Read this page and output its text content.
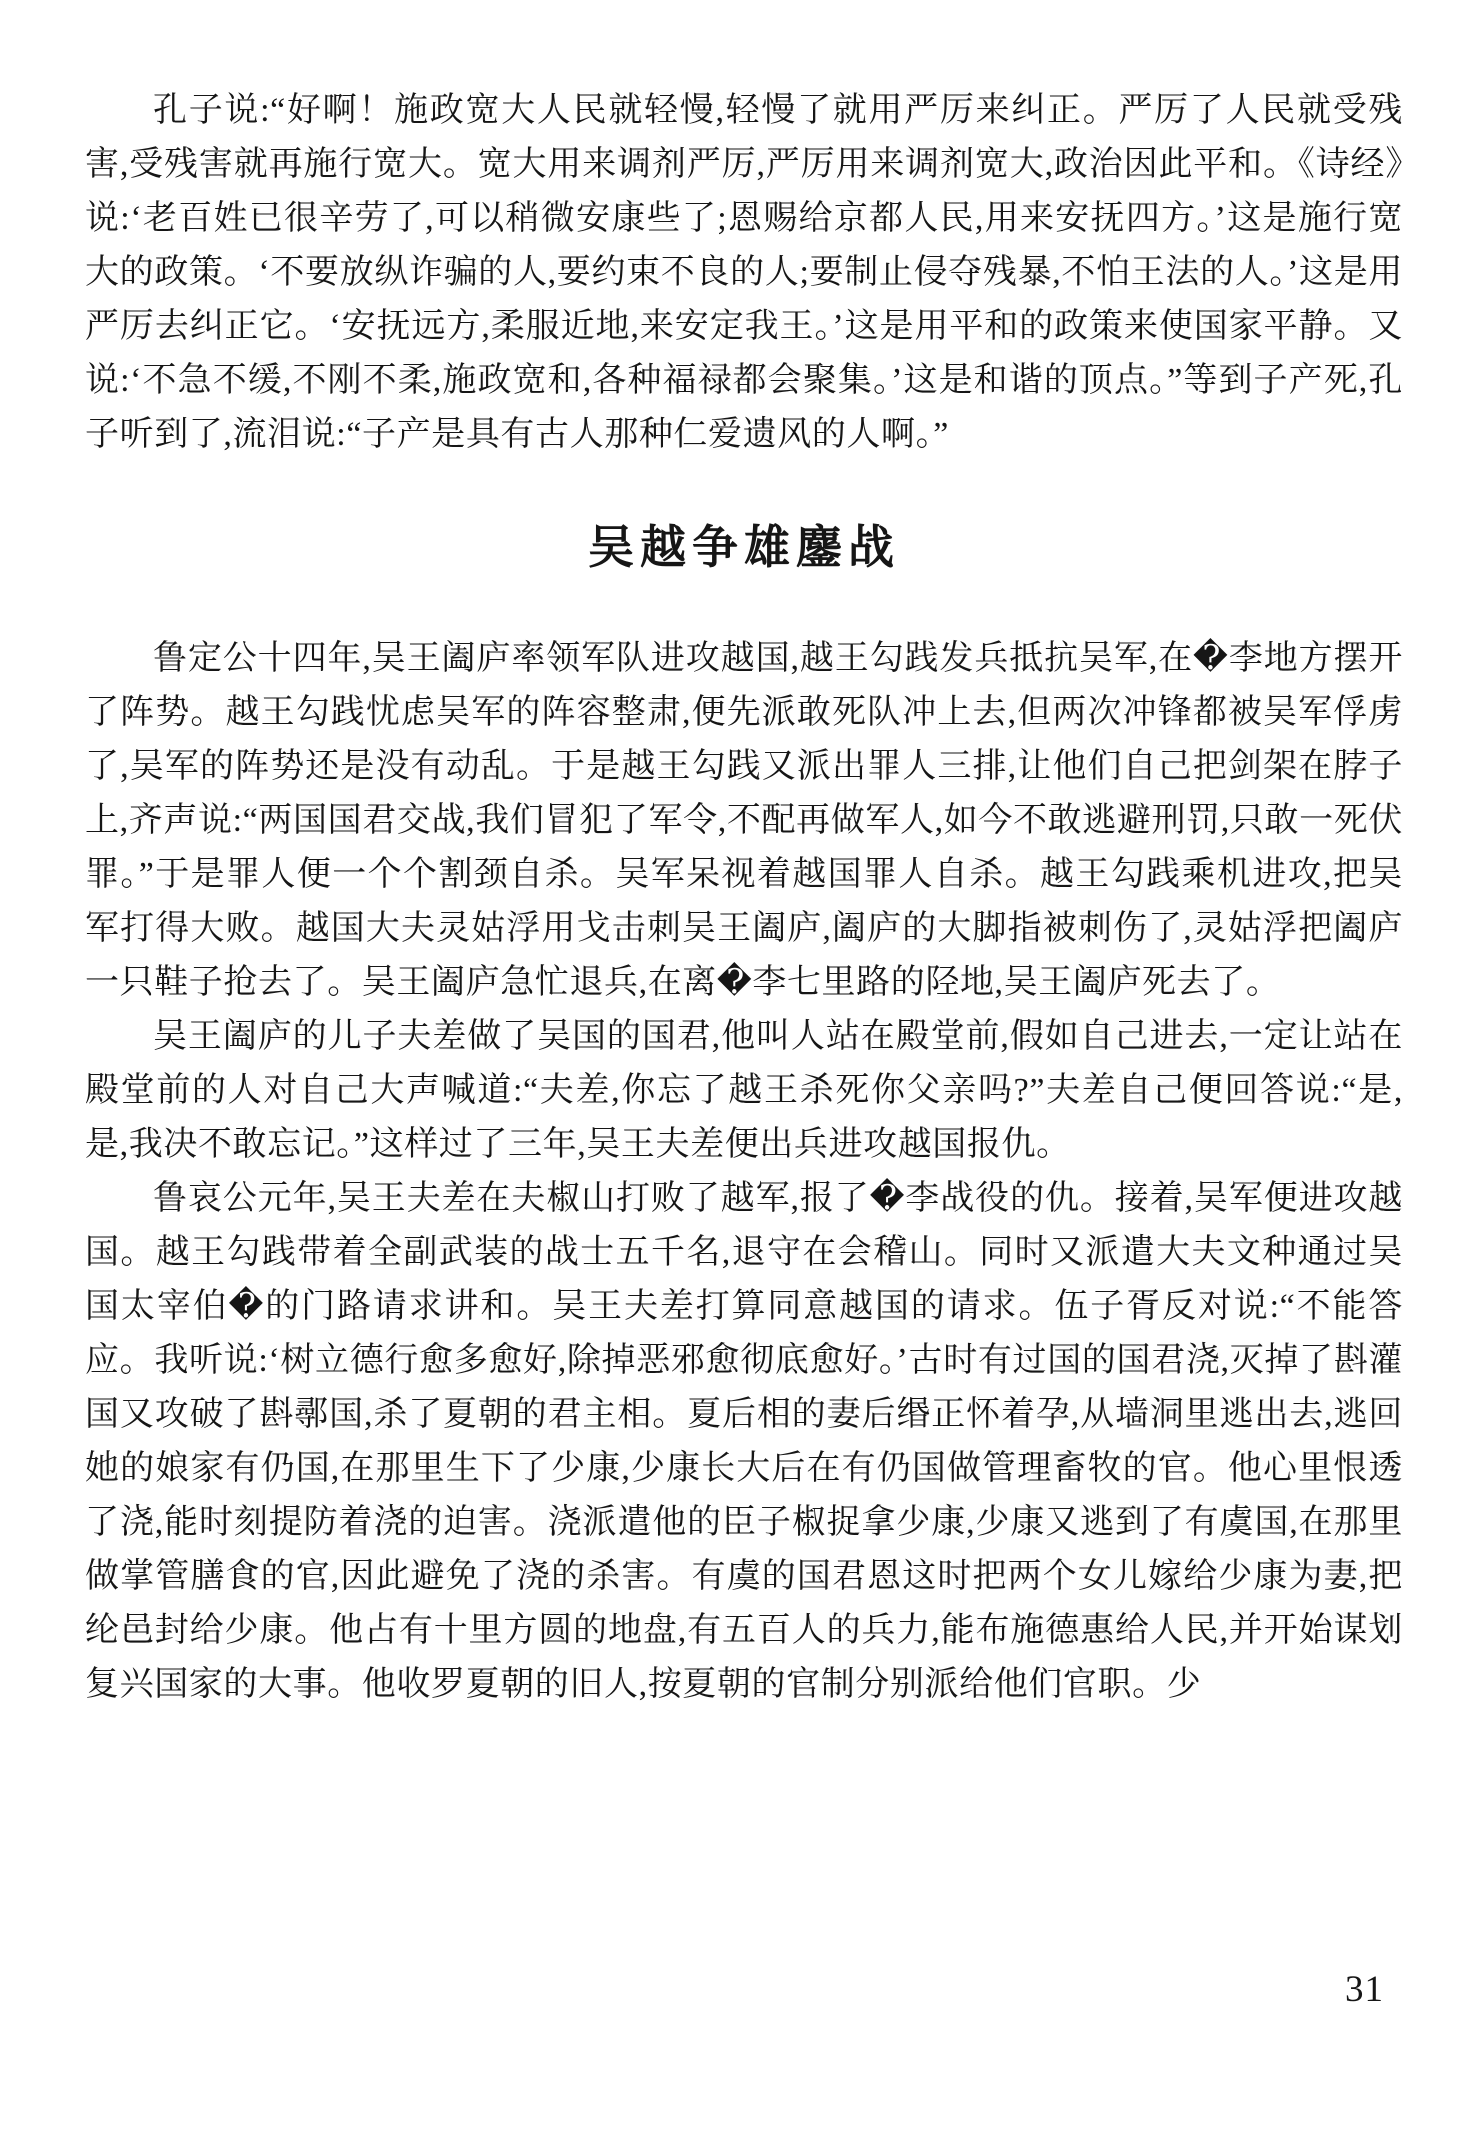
孔子说:“好啊！施政宽大人民就轻慢,轻慢了就用严厉来纠正。严厉了人民就受残害,受残害就再施行宽大。宽大用来调剂严厉,严厉用来调剂宽大,政治因此平和。《诗经》说:‘老百姓已很辛劳了,可以稍微安康些了;恩赐给京都人民,用来安抚四方。’这是施行宽大的政策。‘不要放纵诈骗的人,要约束不良的人;要制止侵夺残暴,不怕王法的人。’这是用严厉去纠正它。‘安抚远方,柔服近地,来安定我王。’这是用平和的政策来使国家平静。又说:‘不急不缓,不刚不柔,施政宽和,各种福禄都会聚集。’这是和谐的顶点。”等到子产死,孔子听到了,流泪说:“子产是具有古人那种仁爱遗风的人啊。”

吴越争雄鏖战

鲁定公十四年,吴王阖庐率领军队进攻越国,越王勾践发兵抵抗吴军,在�李地方摆开了阵势。越王勾践忧虑吴军的阵容整肃,便先派敢死队冲上去,但两次冲锋都被吴军俘虏了,吴军的阵势还是没有动乱。于是越王勾践又派出罪人三排,让他们自己把剑架在脖子上,齐声说:“两国国君交战,我们冒犯了军令,不配再做军人,如今不敢逃避刑罚,只敢一死伏罪。”于是罪人便一个个割颈自杀。吴军呆视着越国罪人自杀。越王勾践乘机进攻,把吴军打得大败。越国大夫灵姑浮用戈击刺吴王阖庐,阖庐的大脚指被刺伤了,灵姑浮把阖庐一只鞋子抢去了。吴王阖庐急忙退兵,在离�李七里路的陉地,吴王阖庐死去了。

吴王阖庐的儿子夫差做了吴国的国君,他叫人站在殿堂前,假如自己进去,一定让站在殿堂前的人对自己大声喊道:“夫差,你忘了越王杀死你父亲吗?”夫差自己便回答说:“是,是,我决不敢忘记。”这样过了三年,吴王夫差便出兵进攻越国报仇。

鲁哀公元年,吴王夫差在夫椒山打败了越军,报了�李战役的仇。接着,吴军便进攻越国。越王勾践带着全副武装的战士五千名,退守在会稽山。同时又派遣大夫文种通过吴国太宰伯�的门路请求讲和。吴王夫差打算同意越国的请求。伍子胥反对说:“不能答应。我听说:‘树立德行愈多愈好,除掉恶邪愈彻底愈好。’古时有过国的国君浇,灭掉了斟灌国又攻破了斟鄩国,杀了夏朝的君主相。夏后相的妻后缗正怀着孕,从墙洞里逃出去,逃回她的娘家有仍国,在那里生下了少康,少康长大后在有仍国做管理畜牧的官。他心里恨透了浇,能时刻提防着浇的迫害。浇派遣他的臣子椒捉拿少康,少康又逃到了有虞国,在那里做掌管膳食的官,因此避免了浇的杀害。有虞的国君恩这时把两个女儿嫁给少康为妻,把纶邑封给少康。他占有十里方圆的地盘,有五百人的兵力,能布施德惠给人民,并开始谋划复兴国家的大事。他收罗夏朝的旧人,按夏朝的官制分别派给他们官职。少

31
